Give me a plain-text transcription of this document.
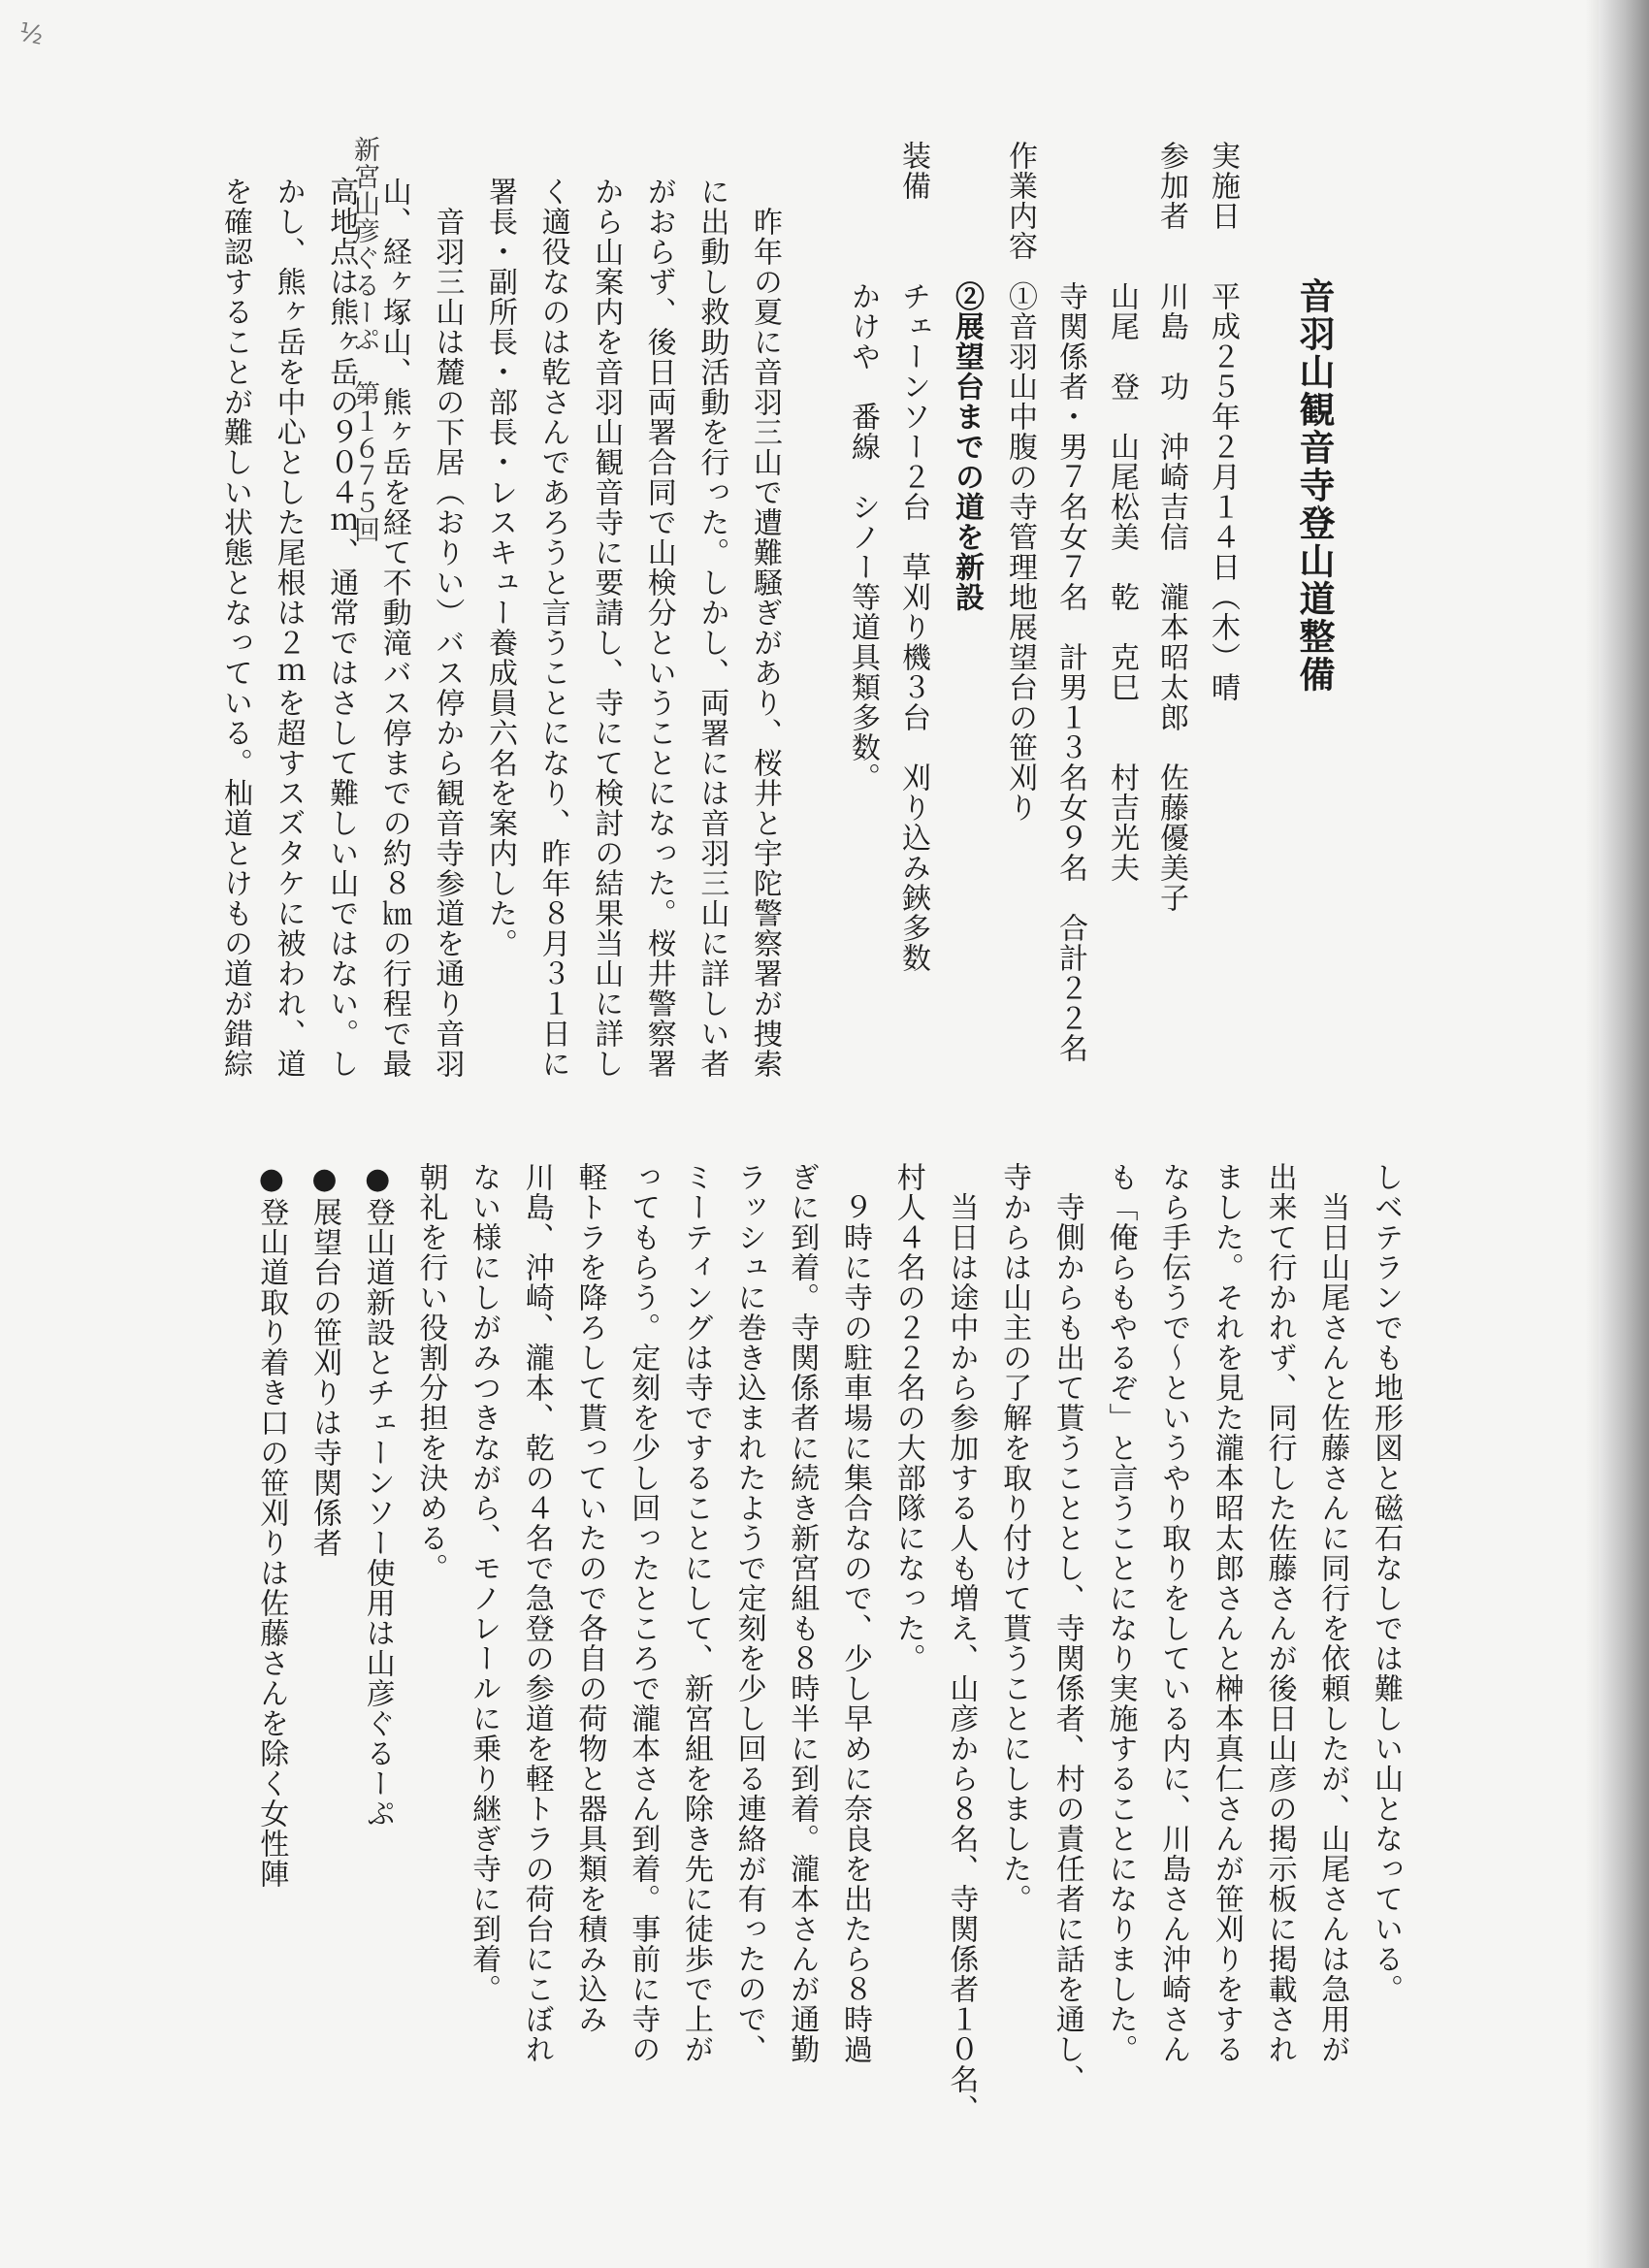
½
新宮山彦ぐるーぷ　第１６７５回	音羽山観音寺登山道整備
実施日
平成２５年２月１４日（木）晴
参加者
川島　功　沖崎吉信　瀧本昭太郎　佐藤優美子
山尾　登　山尾松美　乾　克巳　　村吉光夫
寺関係者・男７名女７名　計男１３名女９名　合計２２名
作業内容
①音羽山中腹の寺管理地展望台の笹刈り
②展望台までの道を新設
装備
チェーンソー２台　草刈り機３台　刈り込み鋏多数
かけや　番線　シノー等道具類多数。
　昨年の夏に音羽三山で遭難騒ぎがあり、桜井と宇陀警察署が捜索
に出動し救助活動を行った。しかし、両署には音羽三山に詳しい者
がおらず、後日両署合同で山検分ということになった。桜井警察署
から山案内を音羽山観音寺に要請し、寺にて検討の結果当山に詳し
く適役なのは乾さんであろうと言うことになり、昨年８月３１日に
署長・副所長・部長・レスキュー養成員六名を案内した。
　音羽三山は麓の下居（おりい）バス停から観音寺参道を通り音羽
山、経ヶ塚山、熊ヶ岳を経て不動滝バス停までの約８㎞の行程で最
高地点は熊ヶ岳の９０４ｍ、通常ではさして難しい山ではない。し
かし、熊ヶ岳を中心とした尾根は２ｍを超すスズタケに被われ、道
を確認することが難しい状態となっている。杣道とけもの道が錯綜
しベテランでも地形図と磁石なしでは難しい山となっている。
　当日山尾さんと佐藤さんに同行を依頼したが、山尾さんは急用が
出来て行かれず、同行した佐藤さんが後日山彦の掲示板に掲載され
ました。それを見た瀧本昭太郎さんと榊本真仁さんが笹刈りをする
なら手伝うで～というやり取りをしている内に、川島さん沖崎さん
も「俺らもやるぞ」と言うことになり実施することになりました。
　寺側からも出て貰うこととし、寺関係者、村の責任者に話を通し、
寺からは山主の了解を取り付けて貰うことにしました。
　当日は途中から参加する人も増え、山彦から８名、寺関係者１０名、
村人４名の２２名の大部隊になった。
　９時に寺の駐車場に集合なので、少し早めに奈良を出たら８時過
ぎに到着。寺関係者に続き新宮組も８時半に到着。瀧本さんが通勤
ラッシュに巻き込まれたようで定刻を少し回る連絡が有ったので、
ミーティングは寺ですることにして、新宮組を除き先に徒歩で上が
ってもらう。定刻を少し回ったところで瀧本さん到着。事前に寺の
軽トラを降ろして貰っていたので各自の荷物と器具類を積み込み
川島、沖崎、瀧本、乾の４名で急登の参道を軽トラの荷台にこぼれ
ない様にしがみつきながら、モノレールに乗り継ぎ寺に到着。
朝礼を行い役割分担を決める。
●登山道新設とチェーンソー使用は山彦ぐるーぷ
●展望台の笹刈りは寺関係者
●登山道取り着き口の笹刈りは佐藤さんを除く女性陣
